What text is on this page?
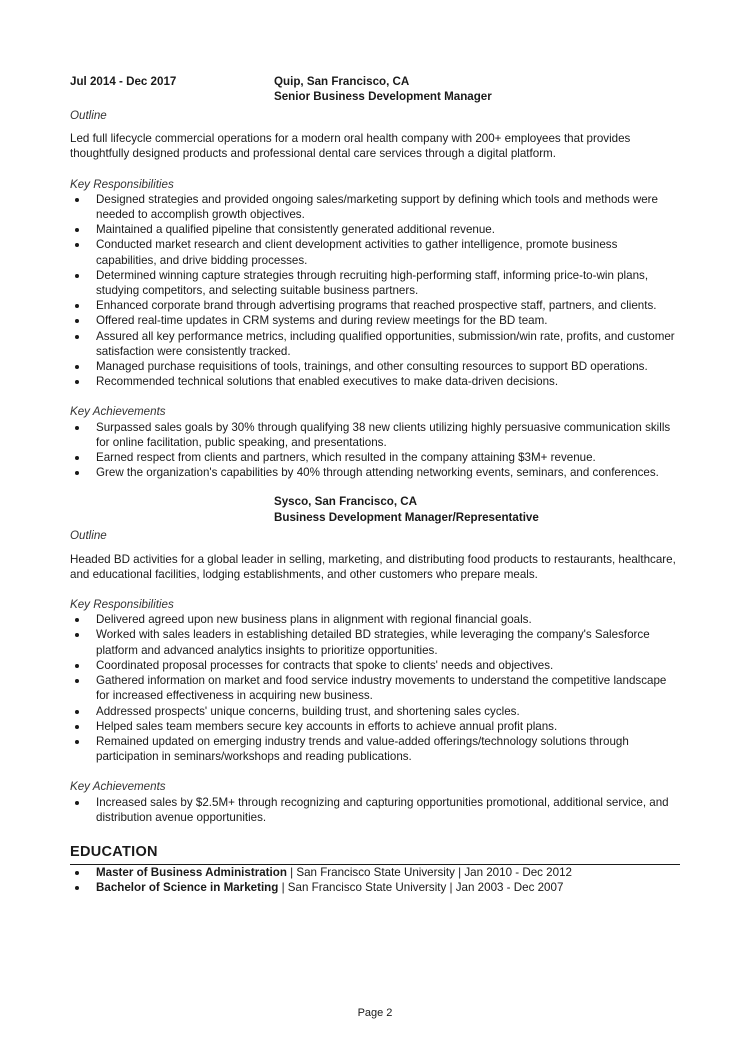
Jul 2014 - Dec 2017	Quip, San Francisco, CA
Senior Business Development Manager
Outline
Led full lifecycle commercial operations for a modern oral health company with 200+ employees that provides thoughtfully designed products and professional dental care services through a digital platform.
Key Responsibilities
Designed strategies and provided ongoing sales/marketing support by defining which tools and methods were needed to accomplish growth objectives.
Maintained a qualified pipeline that consistently generated additional revenue.
Conducted market research and client development activities to gather intelligence, promote business capabilities, and drive bidding processes.
Determined winning capture strategies through recruiting high-performing staff, informing price-to-win plans, studying competitors, and selecting suitable business partners.
Enhanced corporate brand through advertising programs that reached prospective staff, partners, and clients.
Offered real-time updates in CRM systems and during review meetings for the BD team.
Assured all key performance metrics, including qualified opportunities, submission/win rate, profits, and customer satisfaction were consistently tracked.
Managed purchase requisitions of tools, trainings, and other consulting resources to support BD operations.
Recommended technical solutions that enabled executives to make data-driven decisions.
Key Achievements
Surpassed sales goals by 30% through qualifying 38 new clients utilizing highly persuasive communication skills for online facilitation, public speaking, and presentations.
Earned respect from clients and partners, which resulted in the company attaining $3M+ revenue.
Grew the organization's capabilities by 40% through attending networking events, seminars, and conferences.
Sysco, San Francisco, CA
Business Development Manager/Representative
Outline
Headed BD activities for a global leader in selling, marketing, and distributing food products to restaurants, healthcare, and educational facilities, lodging establishments, and other customers who prepare meals.
Key Responsibilities
Delivered agreed upon new business plans in alignment with regional financial goals.
Worked with sales leaders in establishing detailed BD strategies, while leveraging the company's Salesforce platform and advanced analytics insights to prioritize opportunities.
Coordinated proposal processes for contracts that spoke to clients' needs and objectives.
Gathered information on market and food service industry movements to understand the competitive landscape for increased effectiveness in acquiring new business.
Addressed prospects' unique concerns, building trust, and shortening sales cycles.
Helped sales team members secure key accounts in efforts to achieve annual profit plans.
Remained updated on emerging industry trends and value-added offerings/technology solutions through participation in seminars/workshops and reading publications.
Key Achievements
Increased sales by $2.5M+ through recognizing and capturing opportunities promotional, additional service, and distribution avenue opportunities.
EDUCATION
Master of Business Administration | San Francisco State University | Jan 2010 - Dec 2012
Bachelor of Science in Marketing | San Francisco State University | Jan 2003 - Dec 2007
Page 2
